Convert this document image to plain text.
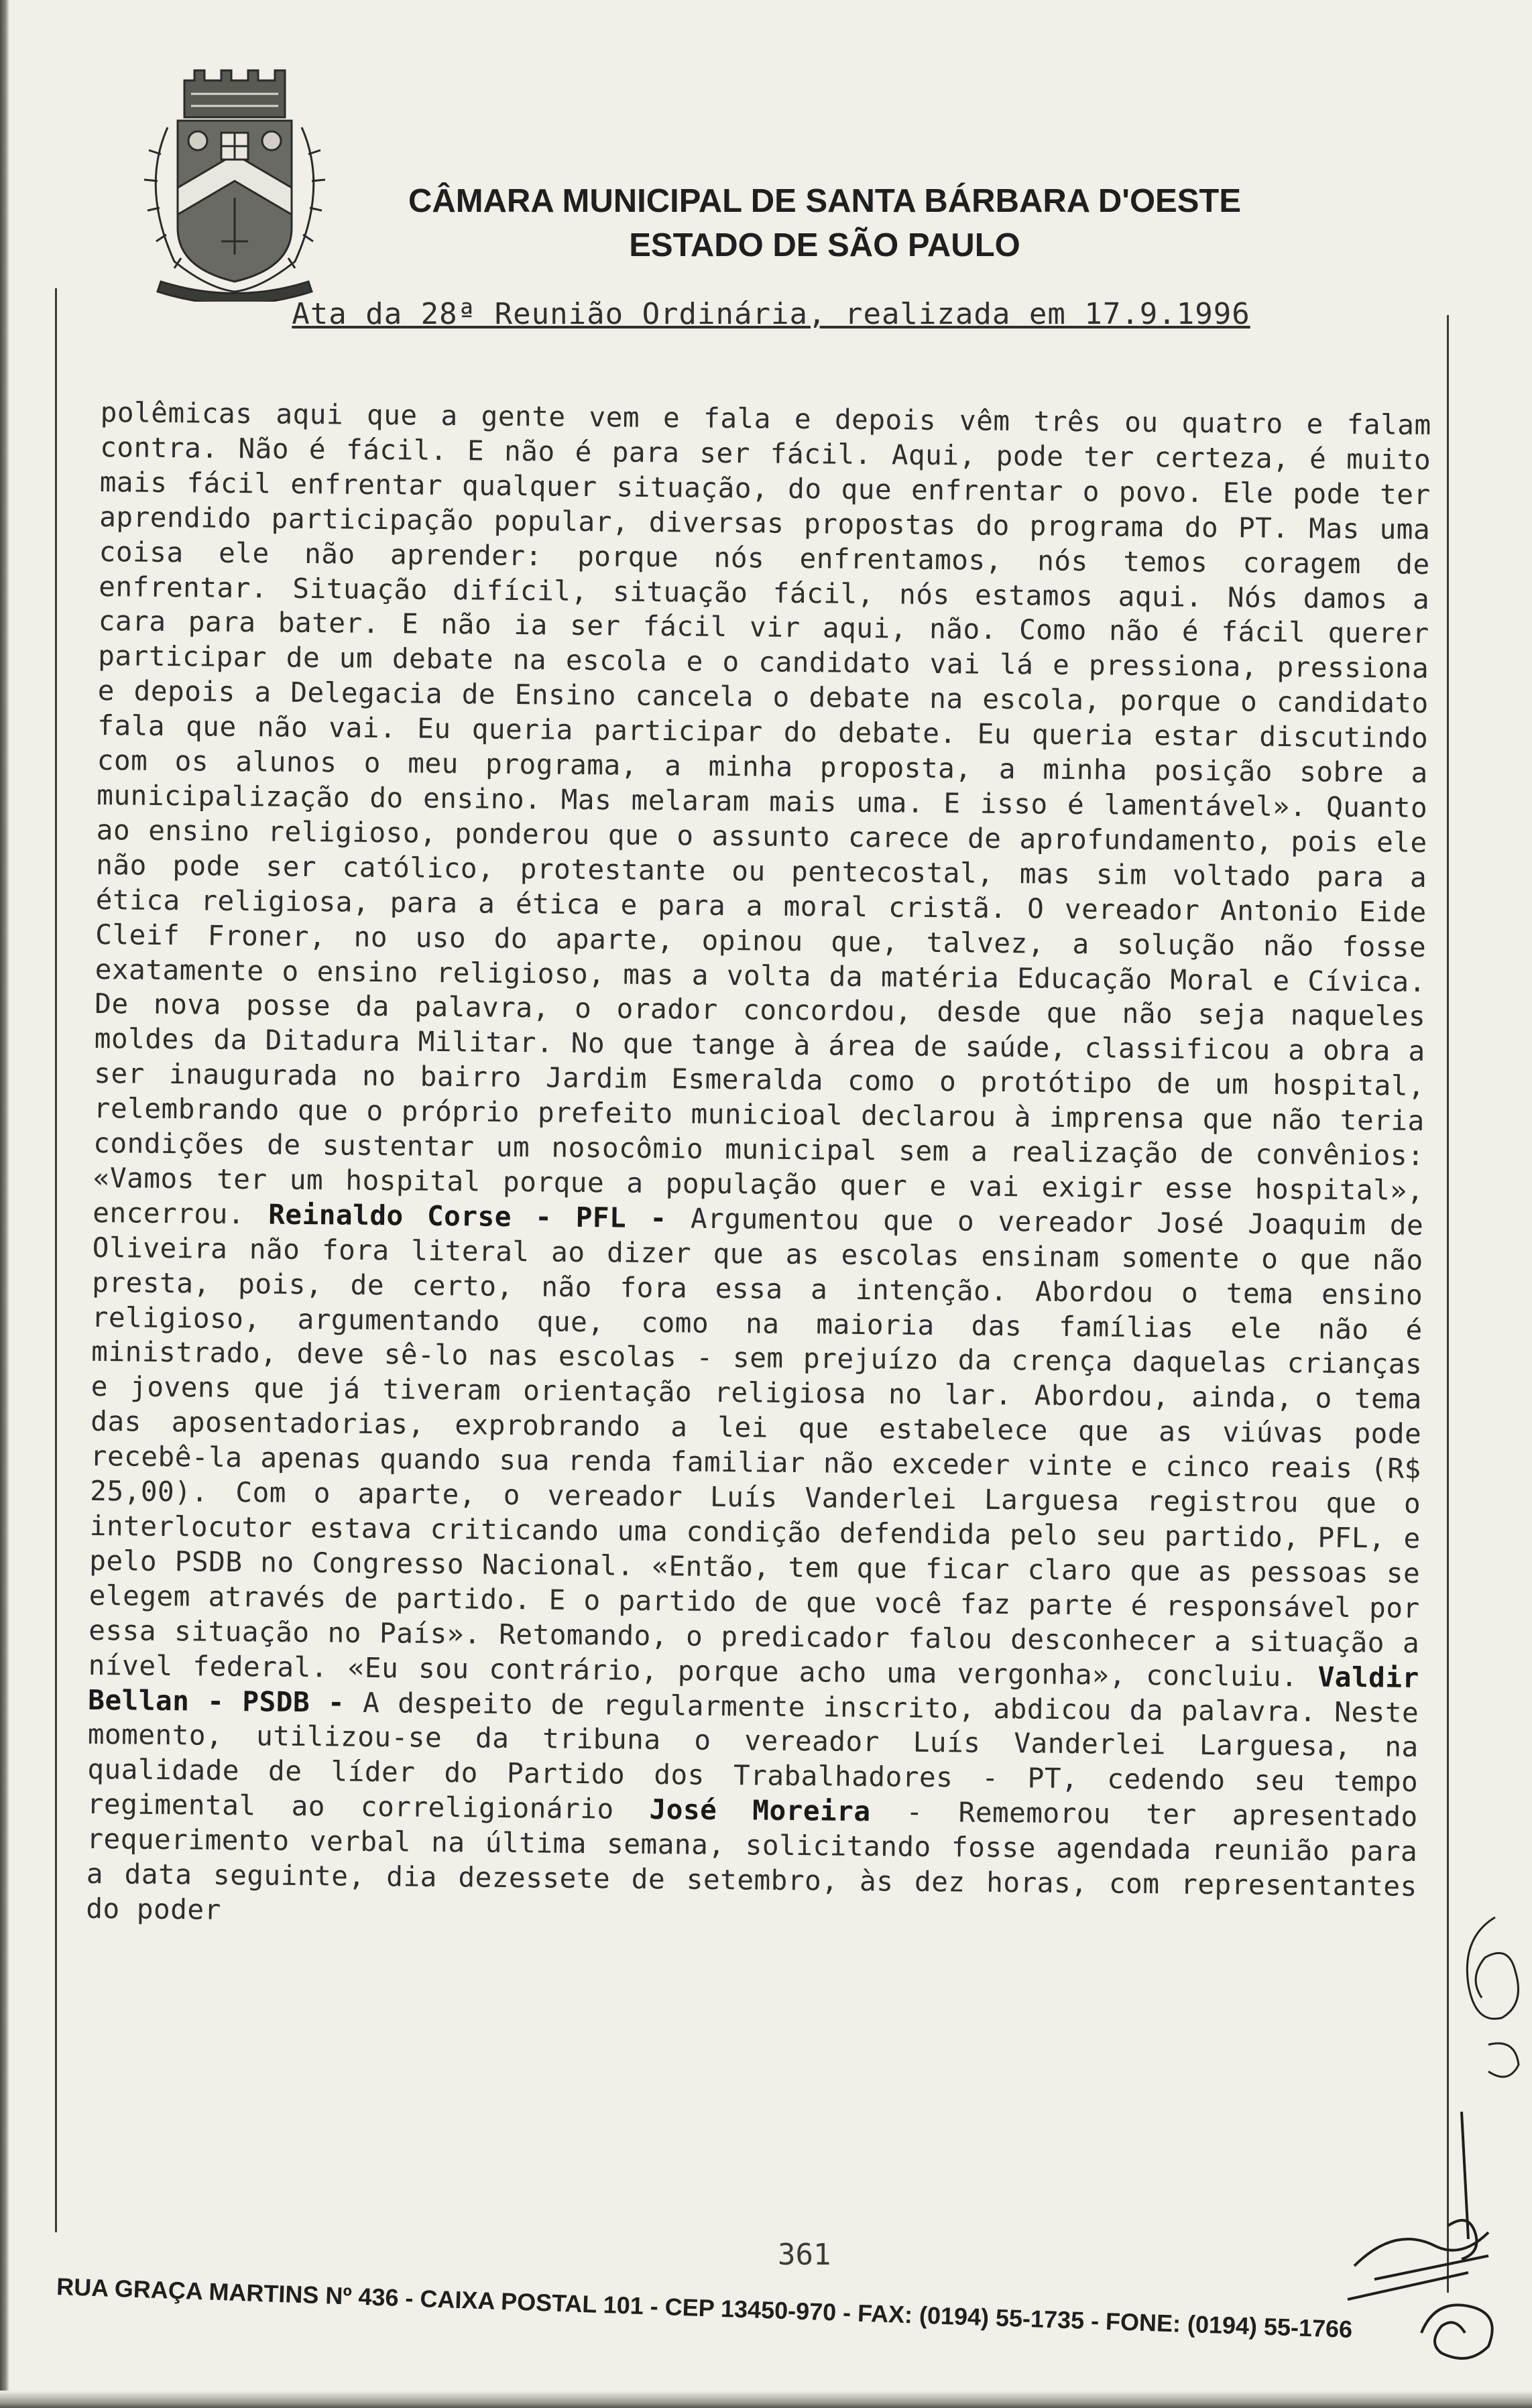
CÂMARA MUNICIPAL DE SANTA BÁRBARA D'OESTE
ESTADO DE SÃO PAULO
Ata da 28ª Reunião Ordinária, realizada em 17.9.1996
polêmicas aqui que a gente vem e fala e depois vêm três ou quatro e falam contra. Não é fácil. E não é para ser fácil. Aqui, pode ter certeza, é muito mais fácil enfrentar qualquer situação, do que enfrentar o povo. Ele pode ter aprendido participação popular, diversas propostas do programa do PT. Mas uma coisa ele não aprender: porque nós enfrentamos, nós temos coragem de enfrentar. Situação difícil, situação fácil, nós estamos aqui. Nós damos a cara para bater. E não ia ser fácil vir aqui, não. Como não é fácil querer participar de um debate na escola e o candidato vai lá e pressiona, pressiona e depois a Delegacia de Ensino cancela o debate na escola, porque o candidato fala que não vai. Eu queria participar do debate. Eu queria estar discutindo com os alunos o meu programa, a minha proposta, a minha posição sobre a municipalização do ensino. Mas melaram mais uma. E isso é lamentável». Quanto ao ensino religioso, ponderou que o assunto carece de aprofundamento, pois ele não pode ser católico, protestante ou pentecostal, mas sim voltado para a ética religiosa, para a ética e para a moral cristã. O vereador Antonio Eide Cleif Froner, no uso do aparte, opinou que, talvez, a solução não fosse exatamente o ensino religioso, mas a volta da matéria Educação Moral e Cívica. De nova posse da palavra, o orador concordou, desde que não seja naqueles moldes da Ditadura Militar. No que tange à área de saúde, classificou a obra a ser inaugurada no bairro Jardim Esmeralda como o protótipo de um hospital, relembrando que o próprio prefeito municioal declarou à imprensa que não teria condições de sustentar um nosocômio municipal sem a realização de convênios: «Vamos ter um hospital porque a população quer e vai exigir esse hospital», encerrou. Reinaldo Corse - PFL - Argumentou que o vereador José Joaquim de Oliveira não fora literal ao dizer que as escolas ensinam somente o que não presta, pois, de certo, não fora essa a intenção. Abordou o tema ensino religioso, argumentando que, como na maioria das famílias ele não é ministrado, deve sê-lo nas escolas - sem prejuízo da crença daquelas crianças e jovens que já tiveram orientação religiosa no lar. Abordou, ainda, o tema das aposentadorias, exprobrando a lei que estabelece que as viúvas pode recebê-la apenas quando sua renda familiar não exceder vinte e cinco reais (R$ 25,00). Com o aparte, o vereador Luís Vanderlei Larguesa registrou que o interlocutor estava criticando uma condição defendida pelo seu partido, PFL, e pelo PSDB no Congresso Nacional. «Então, tem que ficar claro que as pessoas se elegem através de partido. E o partido de que você faz parte é responsável por essa situação no País». Retomando, o predicador falou desconhecer a situação a nível federal. «Eu sou contrário, porque acho uma vergonha», concluiu. Valdir Bellan - PSDB - A despeito de regularmente inscrito, abdicou da palavra. Neste momento, utilizou-se da tribuna o vereador Luís Vanderlei Larguesa, na qualidade de líder do Partido dos Trabalhadores - PT, cedendo seu tempo regimental ao correligionário José Moreira - Rememorou ter apresentado requerimento verbal na última semana, solicitando fosse agendada reunião para a data seguinte, dia dezessete de setembro, às dez horas, com representantes do poder
361
RUA GRAÇA MARTINS Nº 436 - CAIXA POSTAL 101 - CEP 13450-970 - FAX: (0194) 55-1735 - FONE: (0194) 55-1766
